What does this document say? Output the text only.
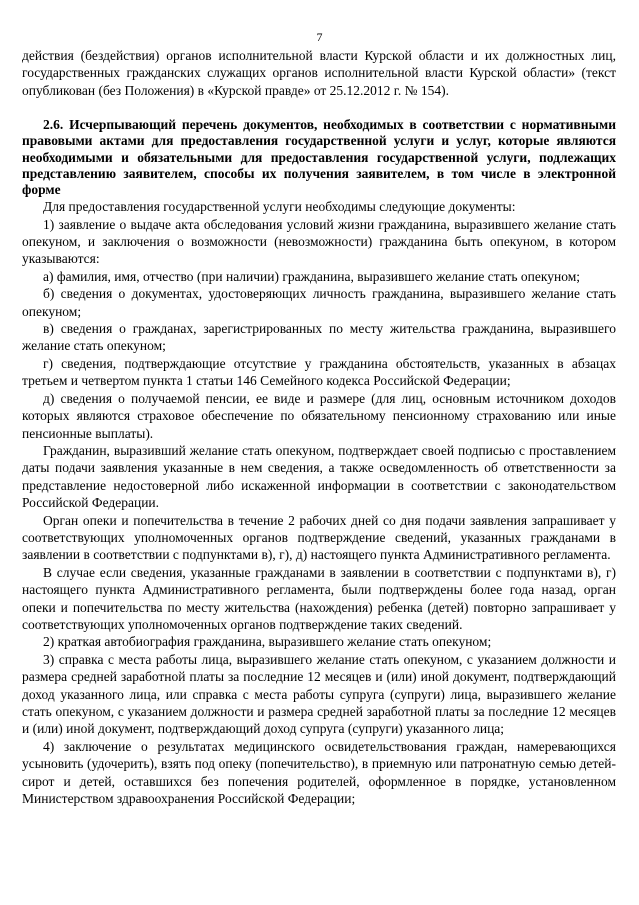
7

действия (бездействия) органов исполнительной власти Курской области и их должностных лиц, государственных гражданских служащих органов исполнительной власти Курской области» (текст опубликован (без Положения) в «Курской правде» от 25.12.2012 г. № 154).

2.6. Исчерпывающий перечень документов, необходимых в соответствии с нормативными правовыми актами для предоставления государственной услуги и услуг, которые являются необходимыми и обязательными для предоставления государственной услуги, подлежащих представлению заявителем, способы их получения заявителем, в том числе в электронной форме

Для предоставления государственной услуги необходимы следующие документы:

1) заявление о выдаче акта обследования условий жизни гражданина, выразившего желание стать опекуном, и заключения о возможности (невозможности) гражданина быть опекуном, в котором указываются:

а) фамилия, имя, отчество (при наличии) гражданина, выразившего желание стать опекуном;

б) сведения о документах, удостоверяющих личность гражданина, выразившего желание стать опекуном;

в) сведения о гражданах, зарегистрированных по месту жительства гражданина, выразившего желание стать опекуном;

г) сведения, подтверждающие отсутствие у гражданина обстоятельств, указанных в абзацах третьем и четвертом пункта 1 статьи 146 Семейного кодекса Российской Федерации;

д) сведения о получаемой пенсии, ее виде и размере (для лиц, основным источником доходов которых являются страховое обеспечение по обязательному пенсионному страхованию или иные пенсионные выплаты).

Гражданин, выразивший желание стать опекуном, подтверждает своей подписью с проставлением даты подачи заявления указанные в нем сведения, а также осведомленность об ответственности за представление недостоверной либо искаженной информации в соответствии с законодательством Российской Федерации.

Орган опеки и попечительства в течение 2 рабочих дней со дня подачи заявления запрашивает у соответствующих уполномоченных органов подтверждение сведений, указанных гражданами в заявлении в соответствии с подпунктами в), г), д) настоящего пункта Административного регламента.

В случае если сведения, указанные гражданами в заявлении в соответствии с подпунктами в), г) настоящего пункта Административного регламента, были подтверждены более года назад, орган опеки и попечительства по месту жительства (нахождения) ребенка (детей) повторно запрашивает у соответствующих уполномоченных органов подтверждение таких сведений.

2) краткая автобиография гражданина, выразившего желание стать опекуном;

3) справка с места работы лица, выразившего желание стать опекуном, с указанием должности и размера средней заработной платы за последние 12 месяцев и (или) иной документ, подтверждающий доход указанного лица, или справка с места работы супруга (супруги) лица, выразившего желание стать опекуном, с указанием должности и размера средней заработной платы за последние 12 месяцев и (или) иной документ, подтверждающий доход супруга (супруги) указанного лица;

4) заключение о результатах медицинского освидетельствования граждан, намеревающихся усыновить (удочерить), взять под опеку (попечительство), в приемную или патронатную семью детей-сирот и детей, оставшихся без попечения родителей, оформленное в порядке, установленном Министерством здравоохранения Российской Федерации;
